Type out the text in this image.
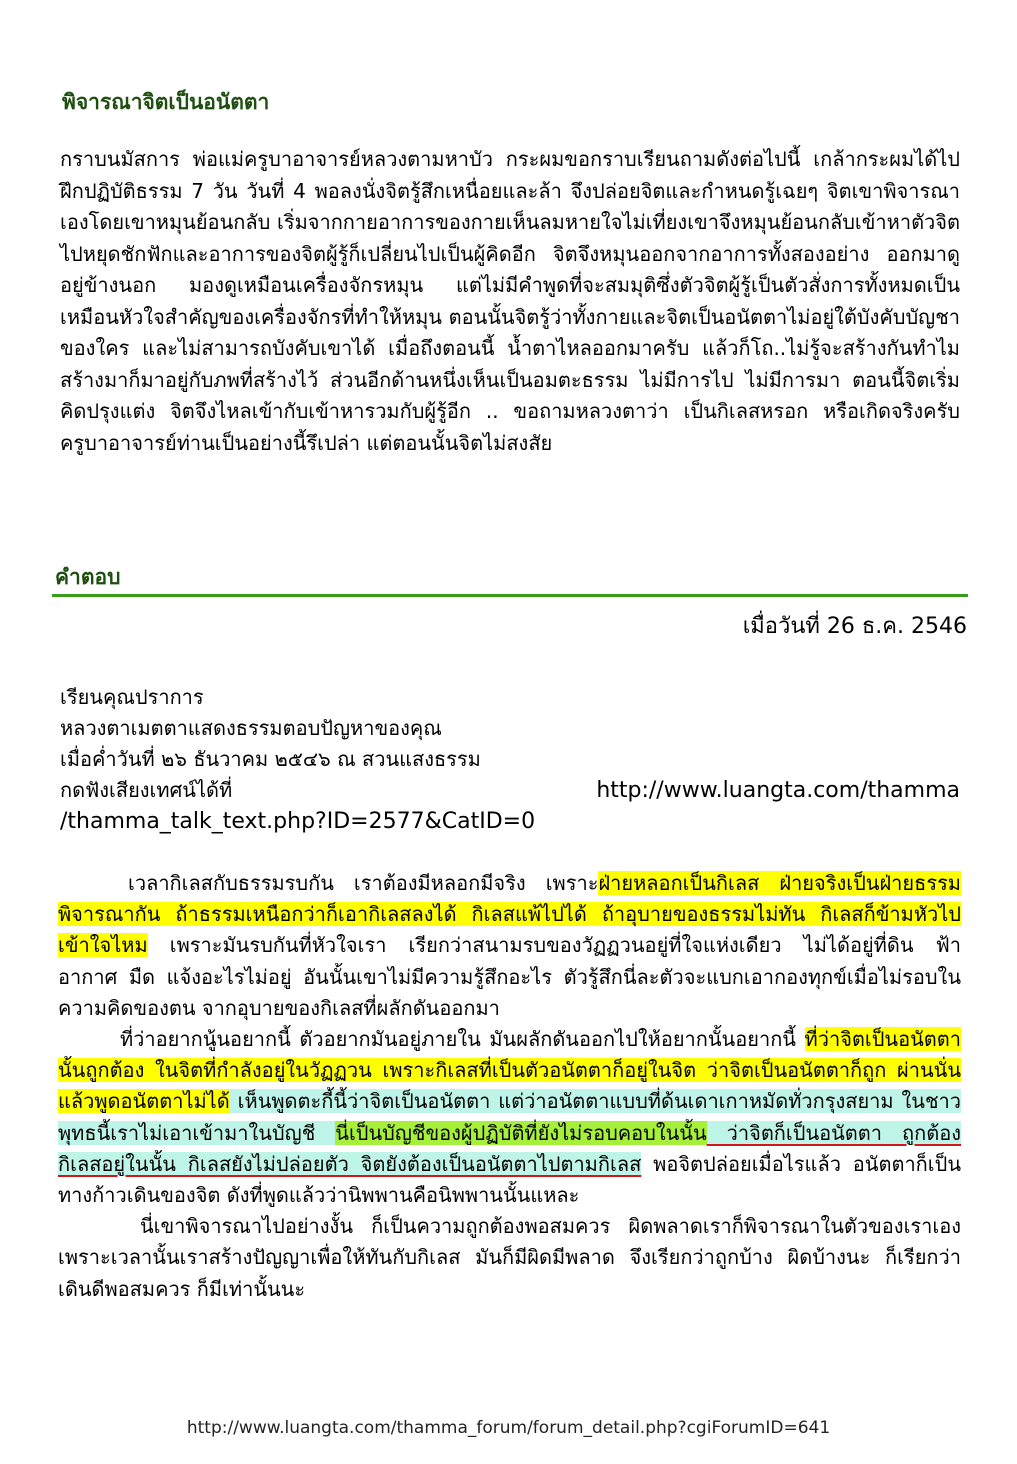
พิจารณาจิตเป็นอนัตตา
กราบนมัสการ พ่อแม่ครูบาอาจารย์หลวงตามหาบัว กระผมขอกราบเรียนถามดังต่อไปนี้ เกล้ากระผมได้ไปฝึกปฏิบัติธรรม 7 วัน วันที่ 4 พอลงนั่งจิตรู้สึกเหนื่อยและล้า จึงปล่อยจิตและกำหนดรู้เฉยๆ จิตเขาพิจารณาเองโดยเขาหมุนย้อนกลับ เริ่มจากกายอาการของกายเห็นลมหายใจไม่เที่ยงเขาจึงหมุนย้อนกลับเข้าหาตัวจิต ไปหยุดชักฟักและอาการของจิตผู้รู้ก็เปลี่ยนไปเป็นผู้คิดอีก จิตจึงหมุนออกจากอาการทั้งสองอย่าง ออกมาดูอยู่ข้างนอก มองดูเหมือนเครื่องจักรหมุน แต่ไม่มีคำพูดที่จะสมมุติซึ่งตัวจิตผู้รู้เป็นตัวสั่งการทั้งหมดเป็นเหมือนหัวใจสำคัญของเครื่องจักรที่ทำให้หมุน ตอนนั้นจิตรู้ว่าทั้งกายและจิตเป็นอนัตตาไม่อยู่ใต้บังคับบัญชาของใคร และไม่สามารถบังคับเขาได้ เมื่อถึงตอนนี้ น้ำตาไหลออกมาครับ แล้วก็โถ..ไม่รู้จะสร้างกันทำไม สร้างมาก็มาอยู่กับภพที่สร้างไว้ ส่วนอีกด้านหนึ่งเห็นเป็นอมตะธรรม ไม่มีการไป ไม่มีการมา ตอนนี้จิตเริ่มคิดปรุงแต่ง จิตจึงไหลเข้ากับเข้าหารวมกับผู้รู้อีก .. ขอถามหลวงตาว่า เป็นกิเลสหรอก หรือเกิดจริงครับ ครูบาอาจารย์ท่านเป็นอย่างนี้รึเปล่า แต่ตอนนั้นจิตไม่สงสัย
คำตอบ
เมื่อวันที่ 26 ธ.ค. 2546
เรียนคุณปราการ
หลวงตาเมตตาแสดงธรรมตอบปัญหาของคุณ
เมื่อค่ำวันที่ ๒๖ ธันวาคม ๒๕๔๖ ณ สวนแสงธรรม
กดฟังเสียงเทศน์ได้ที่	http://www.luangta.com/thamma
/thamma_talk_text.php?ID=2577&CatID=0

เวลากิเลสกับธรรมรบกัน เราต้องมีหลอกมีจริง เพราะฝ่ายหลอกเป็นกิเลส ฝ่ายจริงเป็นฝ่ายธรรมพิจารณากัน ถ้าธรรมเหนือกว่าก็เอากิเลสลงได้ กิเลสแพ้ไปได้ ถ้าอุบายของธรรมไม่ทัน กิเลสก็ข้ามหัวไป เข้าใจไหม เพราะมันรบกันที่หัวใจเรา เรียกว่าสนามรบของวัฏฏวนอยู่ที่ใจแห่งเดียว ไม่ได้อยู่ที่ดิน ฟ้า อากาศ มืด แจ้งอะไรไม่อยู่ อันนั้นเขาไม่มีความรู้สึกอะไร ตัวรู้สึกนี่ละตัวจะแบกเอากองทุกข์เมื่อไม่รอบในความคิดของตน จากอุบายของกิเลสที่ผลักดันออกมา

ที่ว่าอยากนู้นอยากนี้ ตัวอยากมันอยู่ภายใน มันผลักดันออกไปให้อยากนั้นอยากนี้ ที่ว่าจิตเป็นอนัตตานั้นถูกต้อง ในจิตที่กำลังอยู่ในวัฏฏวน เพราะกิเลสที่เป็นตัวอนัตตาก็อยู่ในจิต ว่าจิตเป็นอนัตตาก็ถูก ผ่านนั่นแล้วพูดอนัตตาไม่ได้ เห็นพูดตะกี้นี้ว่าจิตเป็นอนัตตา แต่ว่าอนัตตาแบบที่ด้นเดาเกาหมัดทั่วกรุงสยาม ในชาวพุทธนี้เราไม่เอาเข้ามาในบัญชี นี่เป็นบัญชีของผู้ปฏิบัติที่ยังไม่รอบคอบในนั้น ว่าจิตก็เป็นอนัตตา ถูกต้อง กิเลสอยู่ในนั้น กิเลสยังไม่ปล่อยตัว จิตยังต้องเป็นอนัตตาไปตามกิเลส พอจิตปล่อยเมื่อไรแล้ว อนัตตาก็เป็นทางก้าวเดินของจิต ดังที่พูดแล้วว่านิพพานคือนิพพานนั้นแหละ

นี่เขาพิจารณาไปอย่างงั้น ก็เป็นความถูกต้องพอสมควร ผิดพลาดเราก็พิจารณาในตัวของเราเอง เพราะเวลานั้นเราสร้างปัญญาเพื่อให้ทันกับกิเลส มันก็มีผิดมีพลาด จึงเรียกว่าถูกบ้าง ผิดบ้างนะ ก็เรียกว่าเดินดีพอสมควร ก็มีเท่านั้นนะ

http://www.luangta.com/thamma_forum/forum_detail.php?cgiForumID=641
